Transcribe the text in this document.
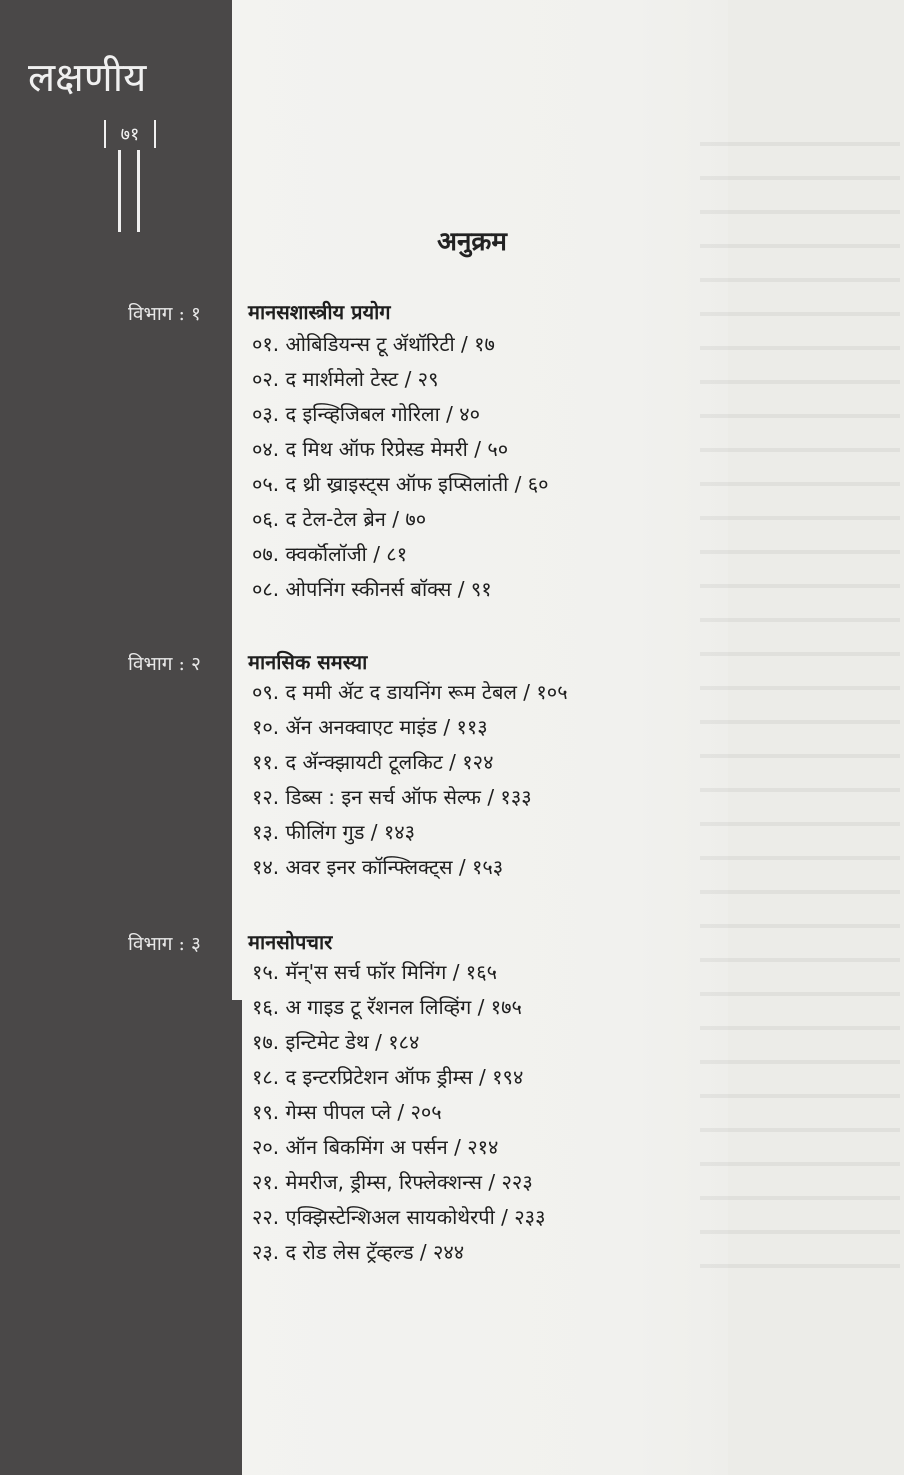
लक्षणीय
७१
अनुक्रम
विभाग : १	मानसशास्त्रीय प्रयोग
०१. ओबिडियन्स टू ॲथॉरिटी / १७
०२. द मार्शमेलो टेस्ट / २९
०३. द इन्व्हिजिबल गोरिला / ४०
०४. द मिथ ऑफ रिप्रेस्ड मेमरी / ५०
०५. द थ्री ख्राइस्ट्स ऑफ इप्सिलांती / ६०
०६. द टेल-टेल ब्रेन / ७०
०७. क्वर्कॉलॉजी / ८१
०८. ओपनिंग स्कीनर्स बॉक्स / ९१
विभाग : २	मानसिक समस्या
०९. द ममी ॲट द डायनिंग रूम टेबल / १०५
१०. ॲन अनक्वाएट माइंड / ११३
११. द ॲन्क्झायटी टूलकिट / १२४
१२. डिब्स : इन सर्च ऑफ सेल्फ / १३३
१३. फीलिंग गुड / १४३
१४. अवर इनर कॉन्फ्लिक्ट्स / १५३
विभाग : ३	मानसोपचार
१५. मॅन्'स सर्च फॉर मिनिंग / १६५
१६. अ गाइड टू रॅशनल लिव्हिंग / १७५
१७. इन्टिमेट डेथ / १८४
१८. द इन्टरप्रिटेशन ऑफ ड्रीम्स / १९४
१९. गेम्स पीपल प्ले / २०५
२०. ऑन बिकमिंग अ पर्सन / २१४
२१. मेमरीज, ड्रीम्स, रिफ्लेक्शन्स / २२३
२२. एक्झिस्टेन्शिअल सायकोथेरपी / २३३
२३. द रोड लेस ट्रॅव्हल्ड / २४४
